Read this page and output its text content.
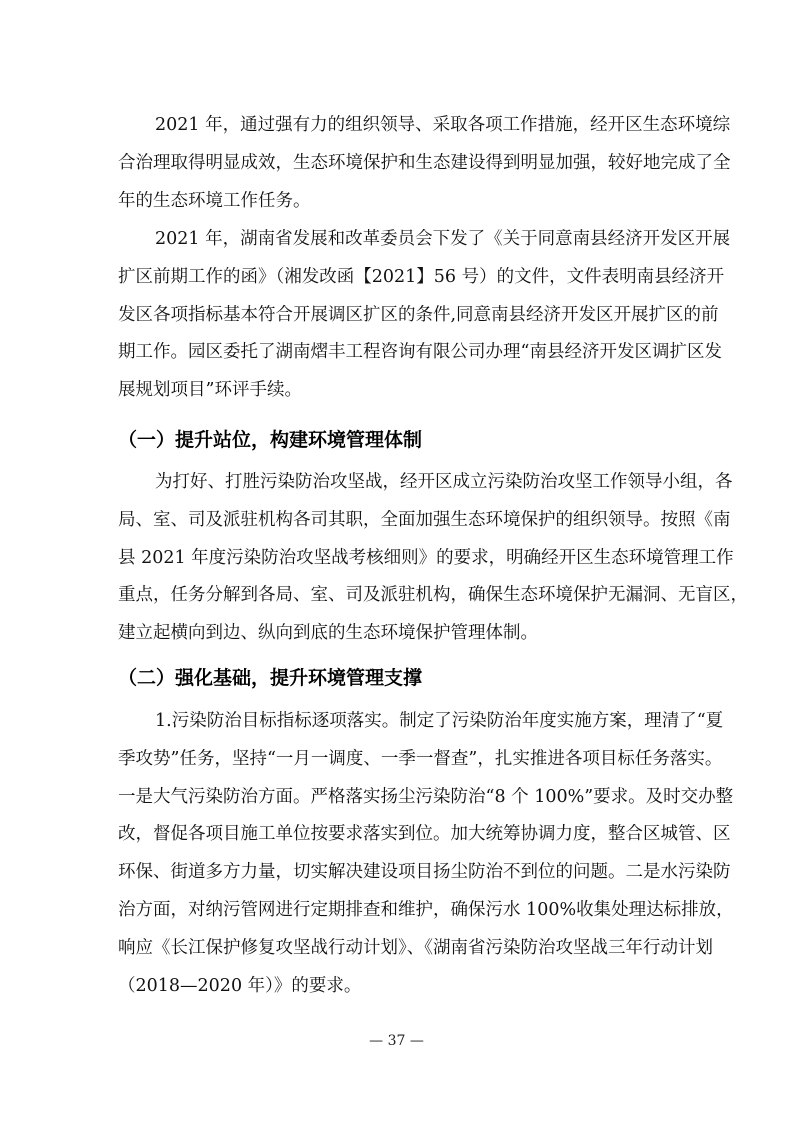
2021 年，通过强有力的组织领导、采取各项工作措施，经开区生态环境综

合治理取得明显成效，生态环境保护和生态建设得到明显加强，较好地完成了全

年的生态环境工作任务。

2021 年，湖南省发展和改革委员会下发了《关于同意南县经济开发区开展

扩区前期工作的函》（湘发改函【2021】56 号）的文件，文件表明南县经济开

发区各项指标基本符合开展调区扩区的条件,同意南县经济开发区开展扩区的前

期工作。园区委托了湖南熠丰工程咨询有限公司办理“南县经济开发区调扩区发

展规划项目”环评手续。

（一）提升站位，构建环境管理体制

为打好、打胜污染防治攻坚战，经开区成立污染防治攻坚工作领导小组，各

局、室、司及派驻机构各司其职，全面加强生态环境保护的组织领导。按照《南

县 2021 年度污染防治攻坚战考核细则》的要求，明确经开区生态环境管理工作

重点，任务分解到各局、室、司及派驻机构，确保生态环境保护无漏洞、无盲区，

建立起横向到边、纵向到底的生态环境保护管理体制。

（二）强化基础，提升环境管理支撑

1.污染防治目标指标逐项落实。制定了污染防治年度实施方案，理清了“夏

季攻势”任务，坚持“一月一调度、一季一督查”，扎实推进各项目标任务落实。

一是大气污染防治方面。严格落实扬尘污染防治“8 个 100%”要求。及时交办整

改，督促各项目施工单位按要求落实到位。加大统筹协调力度，整合区城管、区

环保、街道多方力量，切实解决建设项目扬尘防治不到位的问题。二是水污染防

治方面，对纳污管网进行定期排查和维护，确保污水 100%收集处理达标排放，

响应《长江保护修复攻坚战行动计划》、《湖南省污染防治攻坚战三年行动计划

（2018—2020 年）》的要求。

— 37 —
